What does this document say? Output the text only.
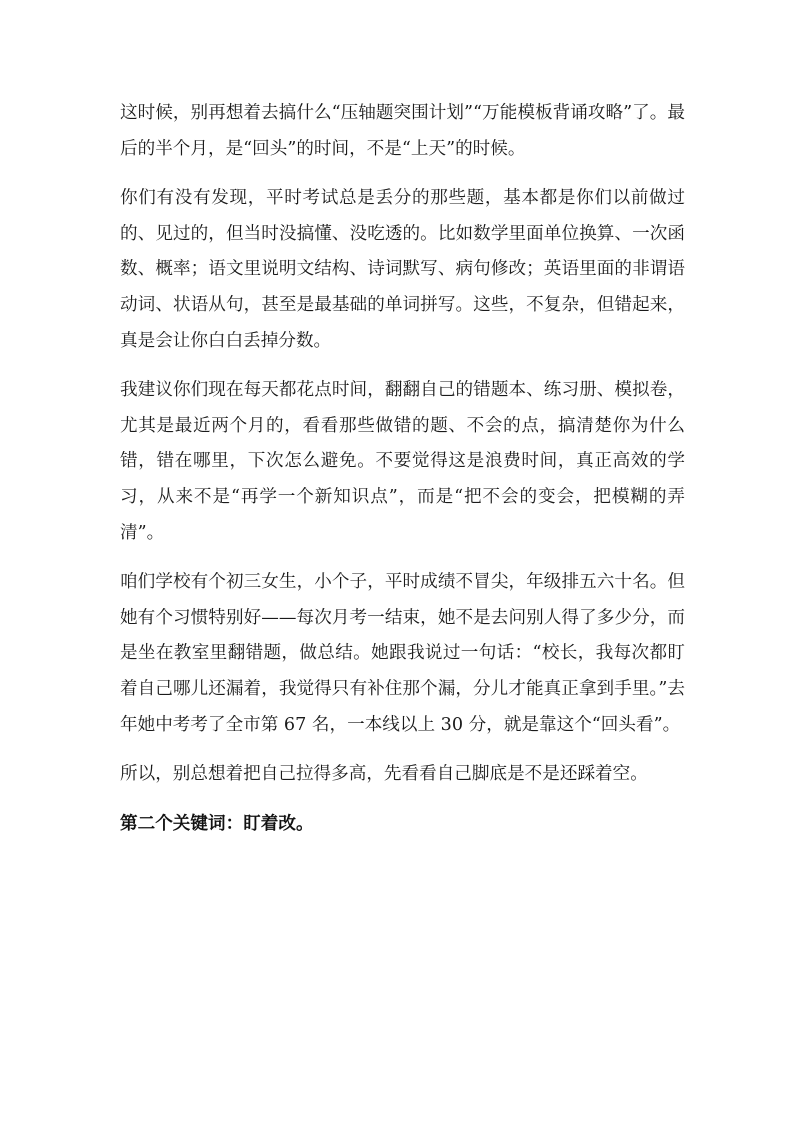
这时候，别再想着去搞什么“压轴题突围计划”“万能模板背诵攻略”了。最后的半个月，是“回头”的时间，不是“上天”的时候。

你们有没有发现，平时考试总是丢分的那些题，基本都是你们以前做过的、见过的，但当时没搞懂、没吃透的。比如数学里面单位换算、一次函数、概率；语文里说明文结构、诗词默写、病句修改；英语里面的非谓语动词、状语从句，甚至是最基础的单词拼写。这些，不复杂，但错起来，真是会让你白白丢掉分数。

我建议你们现在每天都花点时间，翻翻自己的错题本、练习册、模拟卷，尤其是最近两个月的，看看那些做错的题、不会的点，搞清楚你为什么错，错在哪里，下次怎么避免。不要觉得这是浪费时间，真正高效的学习，从来不是“再学一个新知识点”，而是“把不会的变会，把模糊的弄清”。

咱们学校有个初三女生，小个子，平时成绩不冒尖，年级排五六十名。但她有个习惯特别好——每次月考一结束，她不是去问别人得了多少分，而是坐在教室里翻错题，做总结。她跟我说过一句话：“校长，我每次都盯着自己哪儿还漏着，我觉得只有补住那个漏，分儿才能真正拿到手里。”去年她中考考了全市第 67 名，一本线以上 30 分，就是靠这个“回头看”。

所以，别总想着把自己拉得多高，先看看自己脚底是不是还踩着空。

第二个关键词：盯着改。
